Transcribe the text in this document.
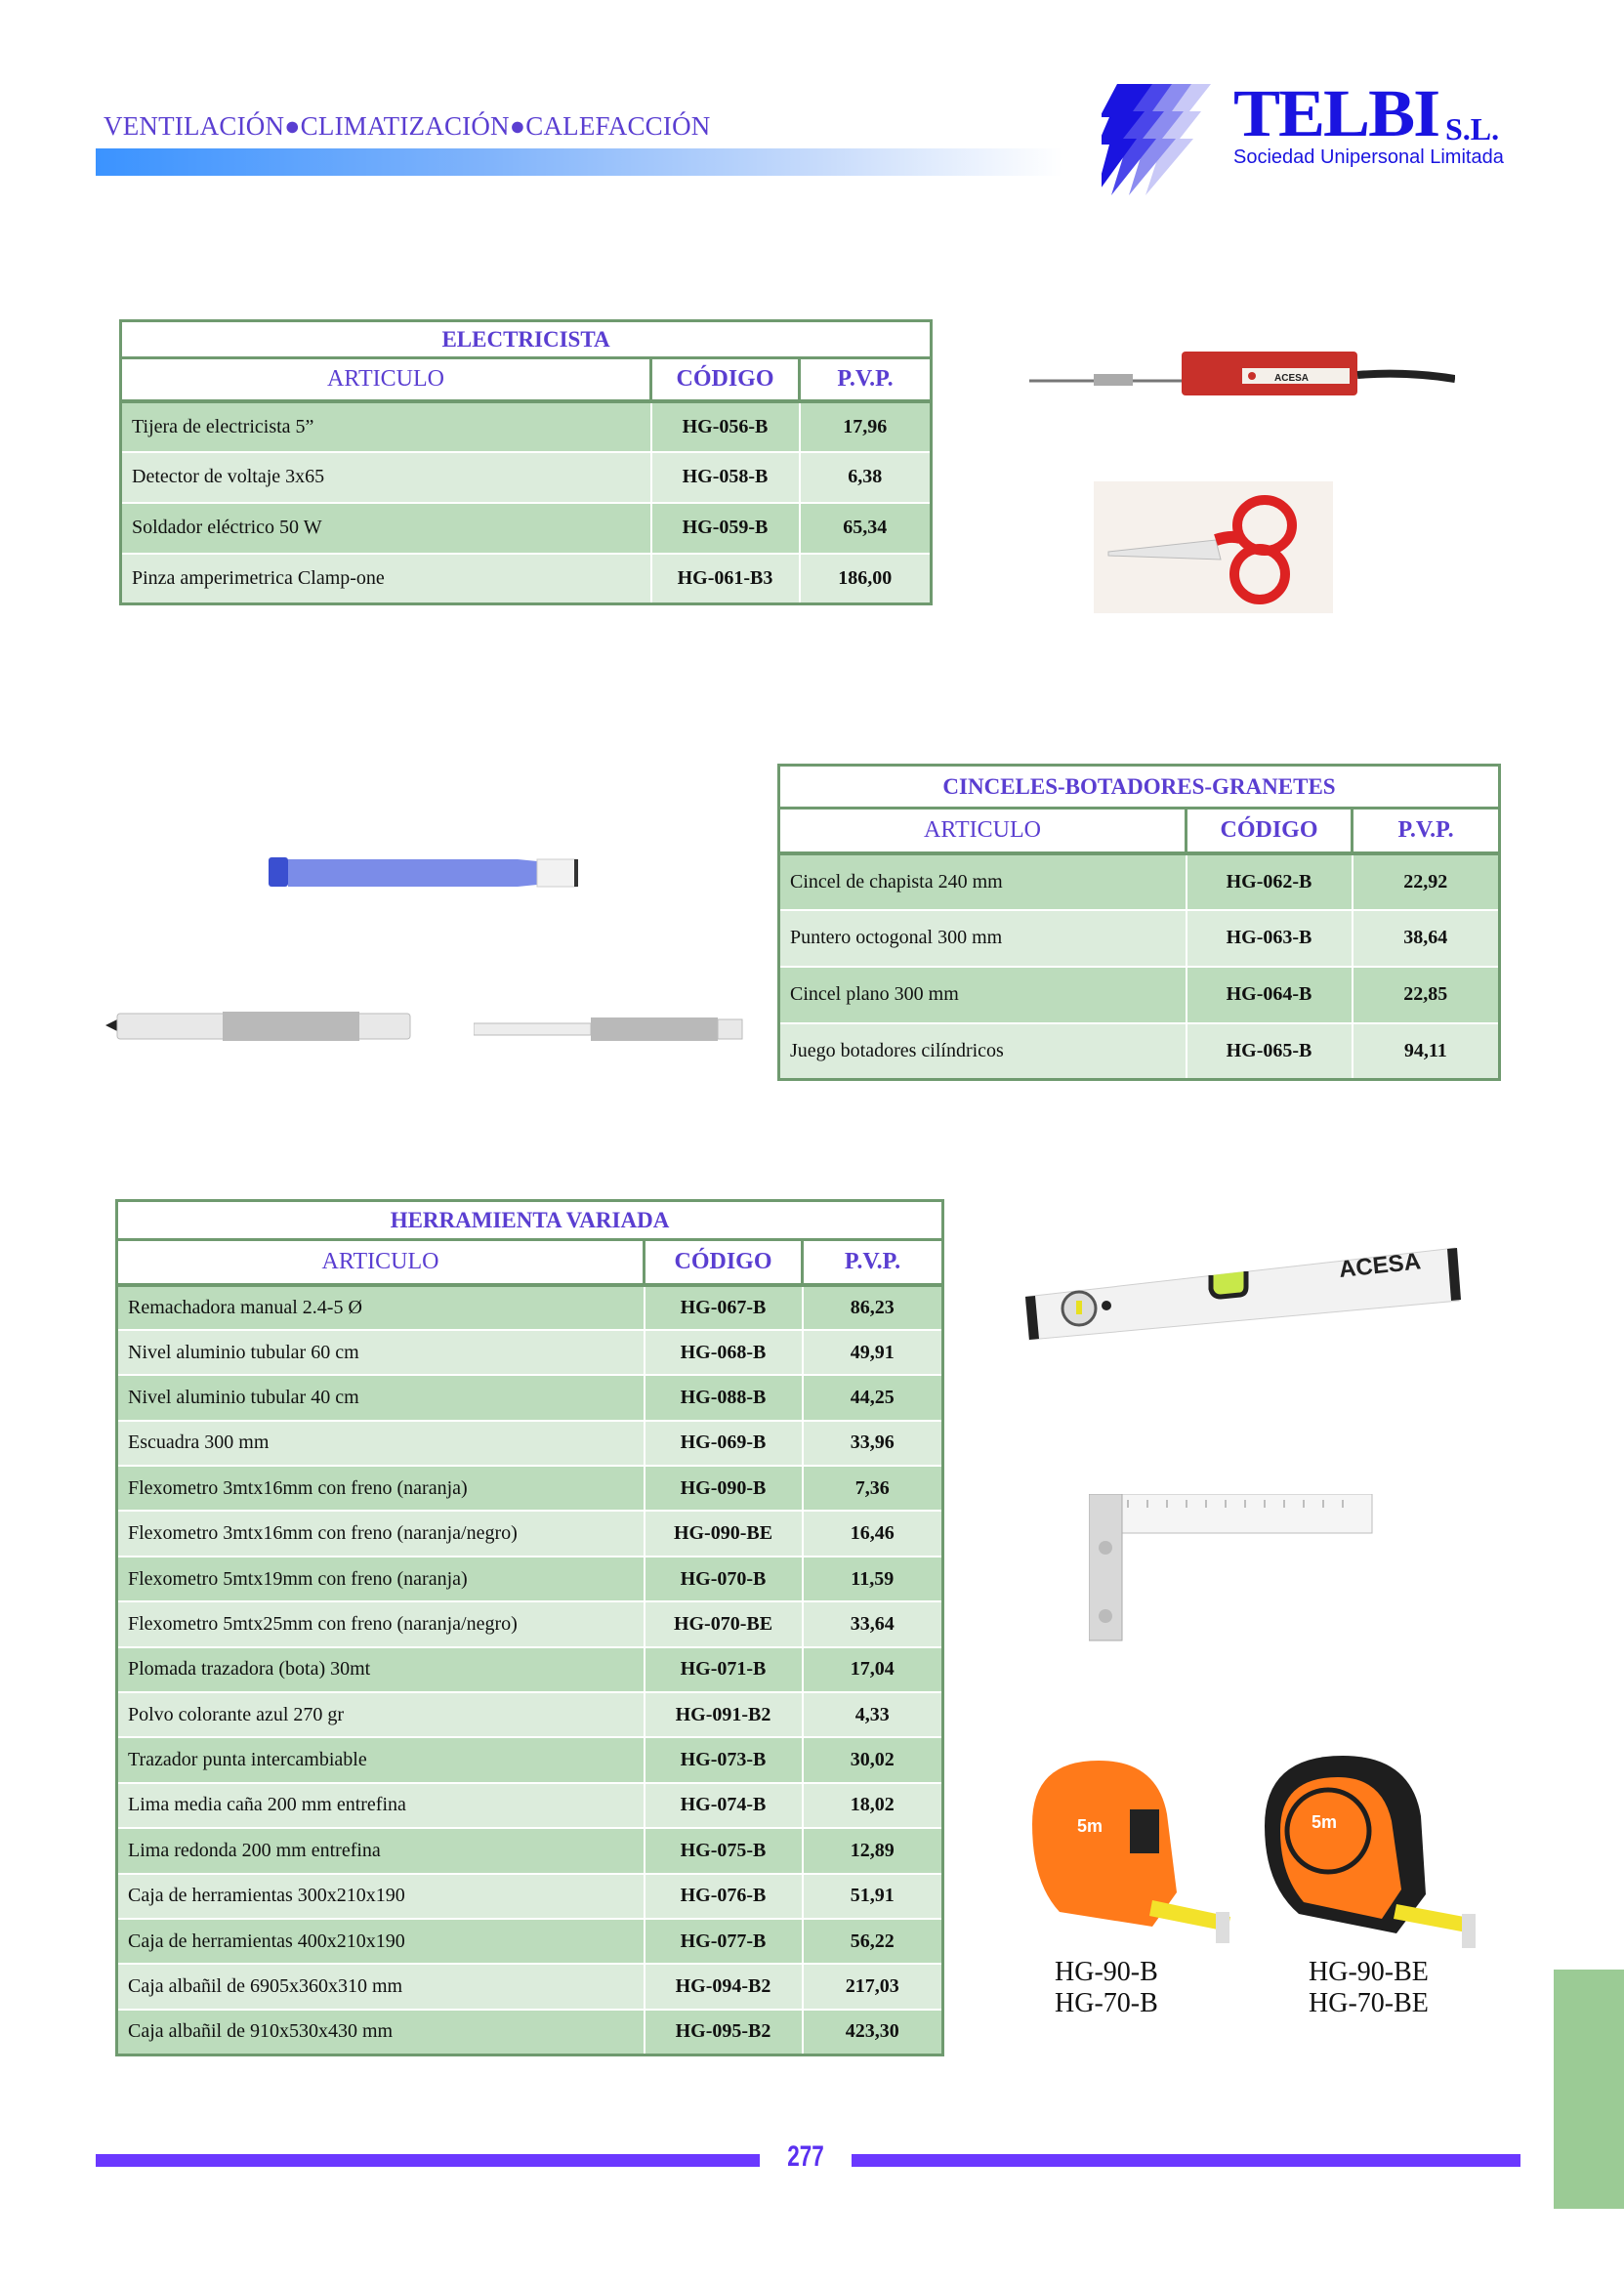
VENTILACIÓN●CLIMATIZACIÓN●CALEFACCIÓN	TELBI S.L.
Sociedad Unipersonal Limitada
ELECTRICISTA		
ARTICULO	CÓDIGO	P.V.P.
Tijera de electricista 5”	HG-056-B	17,96
Detector de voltaje 3x65	HG-058-B	6,38
Soldador eléctrico 50 W	HG-059-B	65,34
Pinza amperimetrica Clamp-one	HG-061-B3	186,00
ACESA
CINCELES-BOTADORES-GRANETES		
ARTICULO	CÓDIGO	P.V.P.
Cincel de chapista 240 mm	HG-062-B	22,92
Puntero octogonal 300 mm	HG-063-B	38,64
Cincel plano 300 mm	HG-064-B	22,85
Juego botadores cilíndricos	HG-065-B	94,11
HERRAMIENTA VARIADA		
ARTICULO	CÓDIGO	P.V.P.
Remachadora manual 2.4-5 Ø	HG-067-B	86,23
Nivel aluminio tubular 60 cm	HG-068-B	49,91
Nivel aluminio tubular 40 cm	HG-088-B	44,25
Escuadra 300 mm	HG-069-B	33,96
Flexometro 3mtx16mm con freno (naranja)	HG-090-B	7,36
Flexometro 3mtx16mm con freno (naranja/negro)	HG-090-BE	16,46
Flexometro 5mtx19mm con freno (naranja)	HG-070-B	11,59
Flexometro 5mtx25mm con freno (naranja/negro)	HG-070-BE	33,64
Plomada trazadora (bota) 30mt	HG-071-B	17,04
Polvo colorante azul 270 gr	HG-091-B2	4,33
Trazador punta intercambiable	HG-073-B	30,02
Lima media caña 200 mm entrefina	HG-074-B	18,02
Lima redonda 200 mm entrefina	HG-075-B	12,89
Caja de herramientas 300x210x190	HG-076-B	51,91
Caja de herramientas 400x210x190	HG-077-B	56,22
Caja albañil de 6905x360x310 mm	HG-094-B2	217,03
Caja albañil de 910x530x430 mm	HG-095-B2	423,30
ACESA
5m	5m
HG-90-B
HG-70-B
HG-90-BE
HG-70-BE
277
